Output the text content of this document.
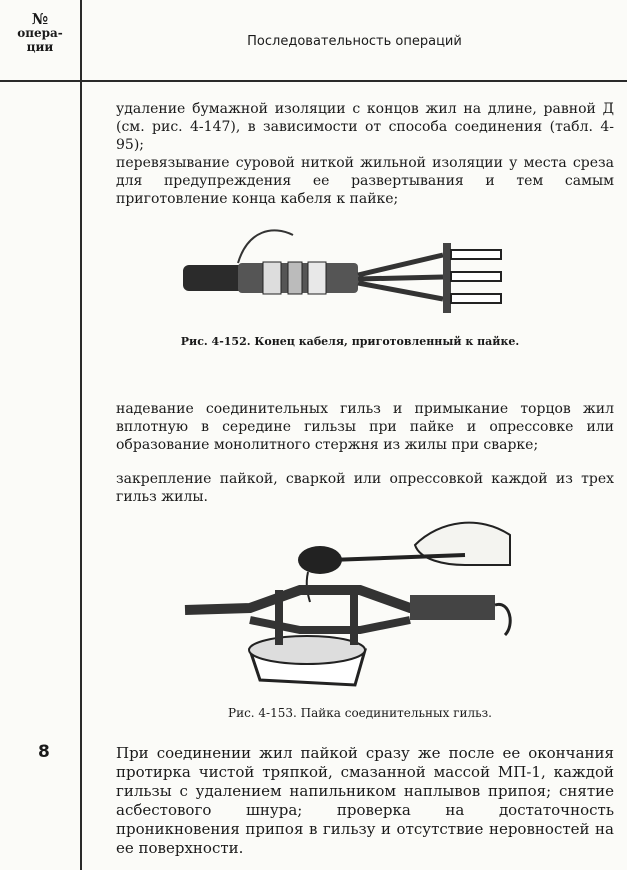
№
опера-
ции	Последовательность операций

удаление бумажной изоляции с концов жил на длине, равной Д (см. рис. 4-147), в зависимости от способа соединения (табл. 4-95);

перевязывание суровой ниткой жильной изоляции у места среза для предупреждения ее развертывания и тем самым приготовление конца кабеля к пайке;

Рис. 4-152. Конец кабеля, приготовленный к пайке.

надевание соединительных гильз и примыкание торцов жил вплотную в середине гильзы при пайке и опрессовке или образование монолитного стержня из жилы при сварке;

закрепление пайкой, сваркой или опрессовкой каждой из трех гильз жилы.

Рис. 4-153. Пайка соединительных гильз.
8	При соединении жил пайкой сразу же после ее окончания протирка чистой тряпкой, смазанной массой МП-1, каждой гильзы с удалением напильником наплывов припоя; снятие асбестового шнура; проверка на достаточность проникновения припоя в гильзу и отсутствие неровностей на ее поверхности.
